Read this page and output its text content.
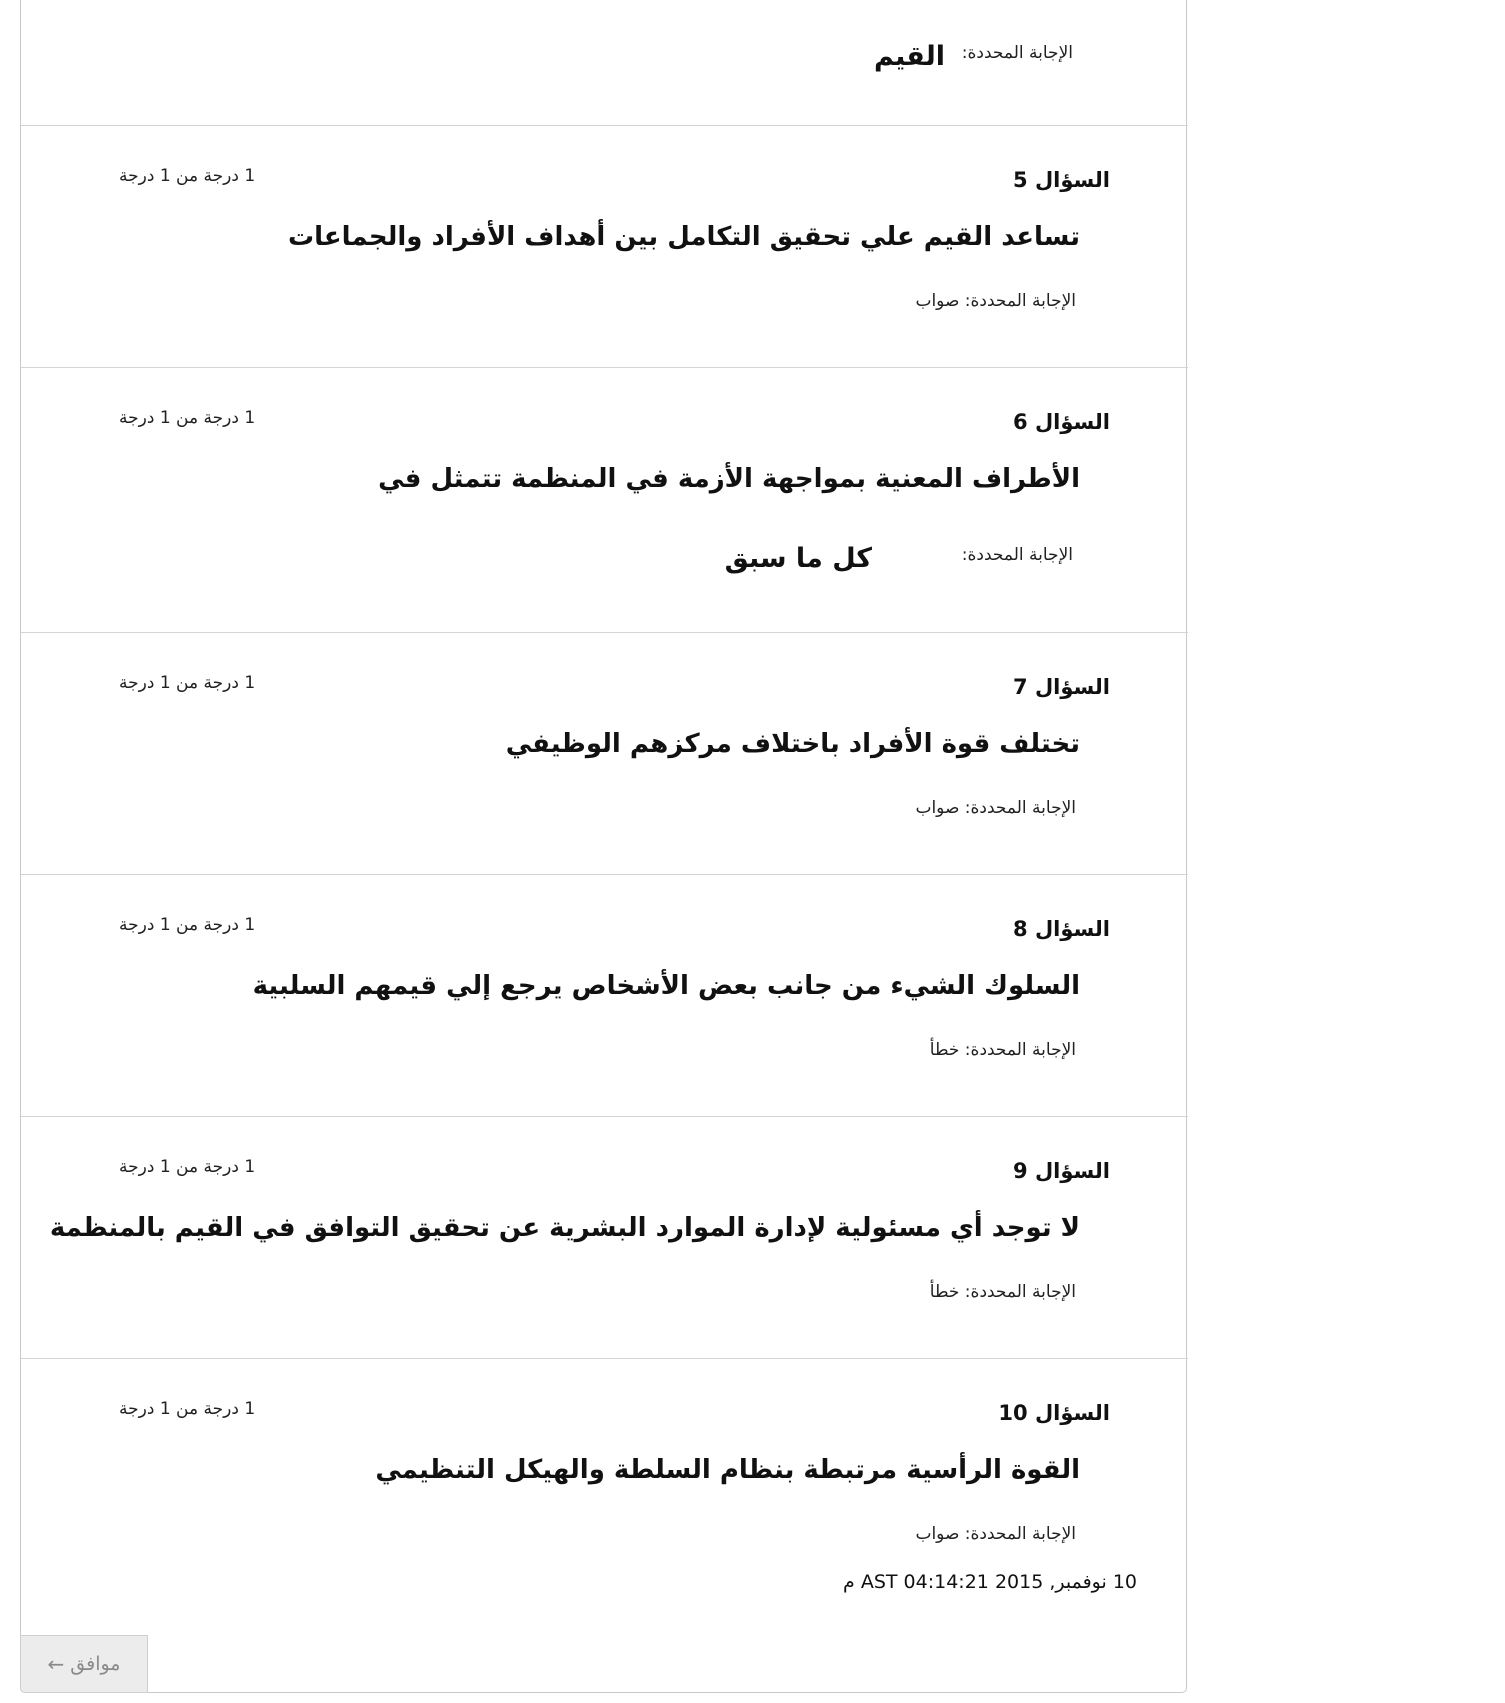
الإجابة المحددة:
القيم
السؤال 5
1 درجة من 1 درجة
تساعد القيم علي تحقيق التكامل بين أهداف الأفراد والجماعات
الإجابة المحددة: صواب
السؤال 6
1 درجة من 1 درجة
الأطراف المعنية بمواجهة الأزمة في المنظمة تتمثل في
الإجابة المحددة:
كل ما سبق
السؤال 7
1 درجة من 1 درجة
تختلف قوة الأفراد باختلاف مركزهم الوظيفي
الإجابة المحددة: صواب
السؤال 8
1 درجة من 1 درجة
السلوك الشيء من جانب بعض الأشخاص يرجع إلي قيمهم السلبية
الإجابة المحددة: خطأ
السؤال 9
1 درجة من 1 درجة
لا توجد أي مسئولية لإدارة الموارد البشرية عن تحقيق التوافق في القيم بالمنظمة
الإجابة المحددة: خطأ
السؤال 10
1 درجة من 1 درجة
القوة الرأسية مرتبطة بنظام السلطة والهيكل التنظيمي
الإجابة المحددة: صواب
10 نوفمبر, 2015 04:14:21 AST م
← موافق
